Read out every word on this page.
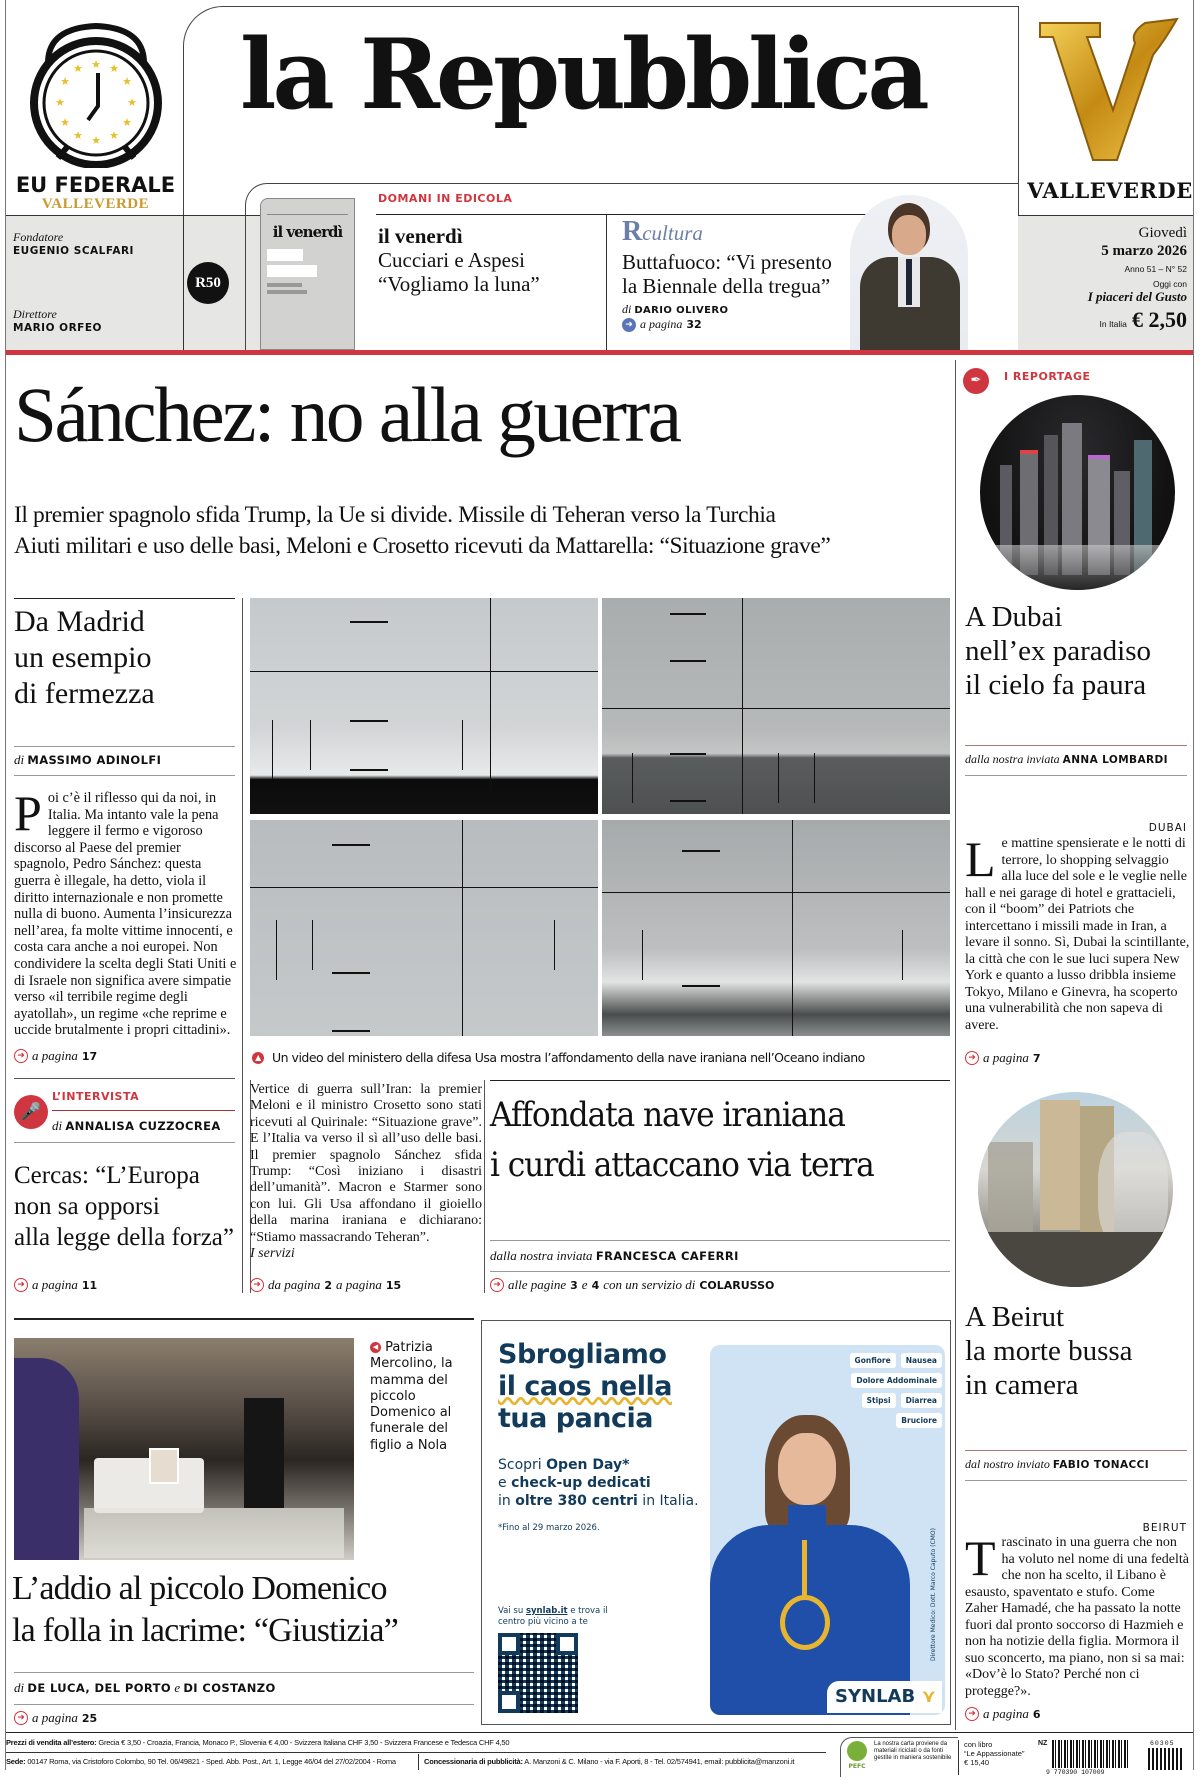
★ ★
★
★
★
★
★
★
★
★
★
★
EU FEDERALE
VALLEVERDE
la Repubblica
VALLEVERDE
Fondatore
EUGENIO SCALFARI
Direttore
MARIO ORFEO
R50
il venerdì
DOMANI IN EDICOLA
il venerdì
Cucciari e Aspesi
“Vogliamo la luna”
Rcultura
Buttafuoco: “Vi presento
la Biennale della tregua”
di DARIO OLIVERO
➜ a pagina 32
Giovedì
5 marzo 2026
Anno 51 – N° 52
Oggi con
I piaceri del Gusto
In Italia € 2,50
Sánchez: no alla guerra
Il premier spagnolo sfida Trump, la Ue si divide. Missile di Teheran verso la Turchia
Aiuti militari e uso delle basi, Meloni e Crosetto ricevuti da Mattarella: “Situazione grave”
Da Madrid
un esempio
di fermezza
di MASSIMO ADINOLFI
Poi c’è il riflesso qui da noi, in Italia. Ma intanto vale la pena leggere il fermo e vigoroso discorso al Paese del premier spagnolo, Pedro Sánchez: questa guerra è illegale, ha detto, viola il diritto internazionale e non promette nulla di buono. Aumenta l’insicurezza nell’area, fa molte vittime innocenti, e costa cara anche a noi europei. Non condividere la scelta degli Stati Uniti e di Israele non significa avere simpatie verso «il terribile regime degli ayatollah», un regime «che reprime e uccide brutalmente i propri cittadini».
➜ a pagina 17
🎤
L’INTERVISTA
di ANNALISA CUZZOCREA
Cercas: “L’Europa
non sa opporsi
alla legge della forza”
➜ a pagina 11
▲ Un video del ministero della difesa Usa mostra l’affondamento della nave iraniana nell’Oceano indiano
Vertice di guerra sull’Iran: la premier Meloni e il ministro Crosetto sono stati ricevuti al Quirinale: “Situazione grave”. E l’Italia va verso il sì all’uso delle basi. Il premier spagnolo Sánchez sfida Trump: “Così iniziano i disastri dell’umanità”. Macron e Starmer sono con lui. Gli Usa affondano il gioiello della marina iraniana e dichiarano: “Stiamo massacrando Teheran”.
I servizi
➜ da pagina 2 a pagina 15
Affondata nave iraniana
i curdi attaccano via terra
dalla nostra inviata FRANCESCA CAFERRI
➜ alle pagine 3 e 4 con un servizio di COLARUSSO
✒	I REPORTAGE
A Dubai
nell’ex paradiso
il cielo fa paura
dalla nostra inviata ANNA LOMBARDI
DUBAI
Le mattine spensierate e le notti di terrore, lo shopping selvaggio alla luce del sole e le veglie nelle hall e nei garage di hotel e grattacieli, con il “boom” dei Patriots che intercettano i missili made in Iran, a levare il sonno. Sì, Dubai la scintillante, la città che con le sue luci supera New York e quanto a lusso dribbla insieme Tokyo, Milano e Ginevra, ha scoperto una vulnerabilità che non sapeva di avere.
➜ a pagina 7
A Beirut
la morte bussa
in camera
dal nostro inviato FABIO TONACCI
BEIRUT
Trascinato in una guerra che non ha voluto nel nome di una fedeltà che non ha scelto, il Libano è esausto, spaventato e stufo. Come Zaher Hamadé, che ha passato la notte fuori dal pronto soccorso di Hazmieh e non ha notizie della figlia. Mormora il suo sconcerto, ma piano, non si sa mai: «Dov’è lo Stato? Perché non ci protegge?».
➜ a pagina 6
◀ Patrizia Mercolino, la mamma del piccolo Domenico al funerale del figlio a Nola
L’addio al piccolo Domenico
la folla in lacrime: “Giustizia”
di DE LUCA, DEL PORTO e DI COSTANZO
➜ a pagina 25
Sbrogliamo
il caos nella
tua pancia
Scopri Open Day*
e check-up dedicati
in oltre 380 centri in Italia.
*Fino al 29 marzo 2026.
Vai su synlab.it e trova il centro più vicino a te
Gonfiore	Nausea
Dolore Addominale
Stipsi	Diarrea
Bruciore
Direttore Medico: Dott. Marco Caputo (CMO)
SYNLAB ⋎
Prezzi di vendita all’estero: Grecia € 3,50 - Croazia, Francia, Monaco P., Slovenia € 4,00 - Svizzera Italiana CHF 3,50 - Svizzera Francese e Tedesca CHF 4,50
Sede: 00147 Roma, via Cristoforo Colombo, 90 Tel. 06/49821 - Sped. Abb. Post., Art. 1, Legge 46/04 del 27/02/2004 - Roma	Concessionaria di pubblicità: A. Manzoni & C. Milano - via F. Aporti, 8 - Tel. 02/574941, email: pubblicita@manzoni.it
PEFC
La nostra carta proviene da materiali riciclati o da fonti gestite in maniera sostenibile
con libro
“Le Appassionate”
€ 15,40
NZ
9 770390 107009
60305
